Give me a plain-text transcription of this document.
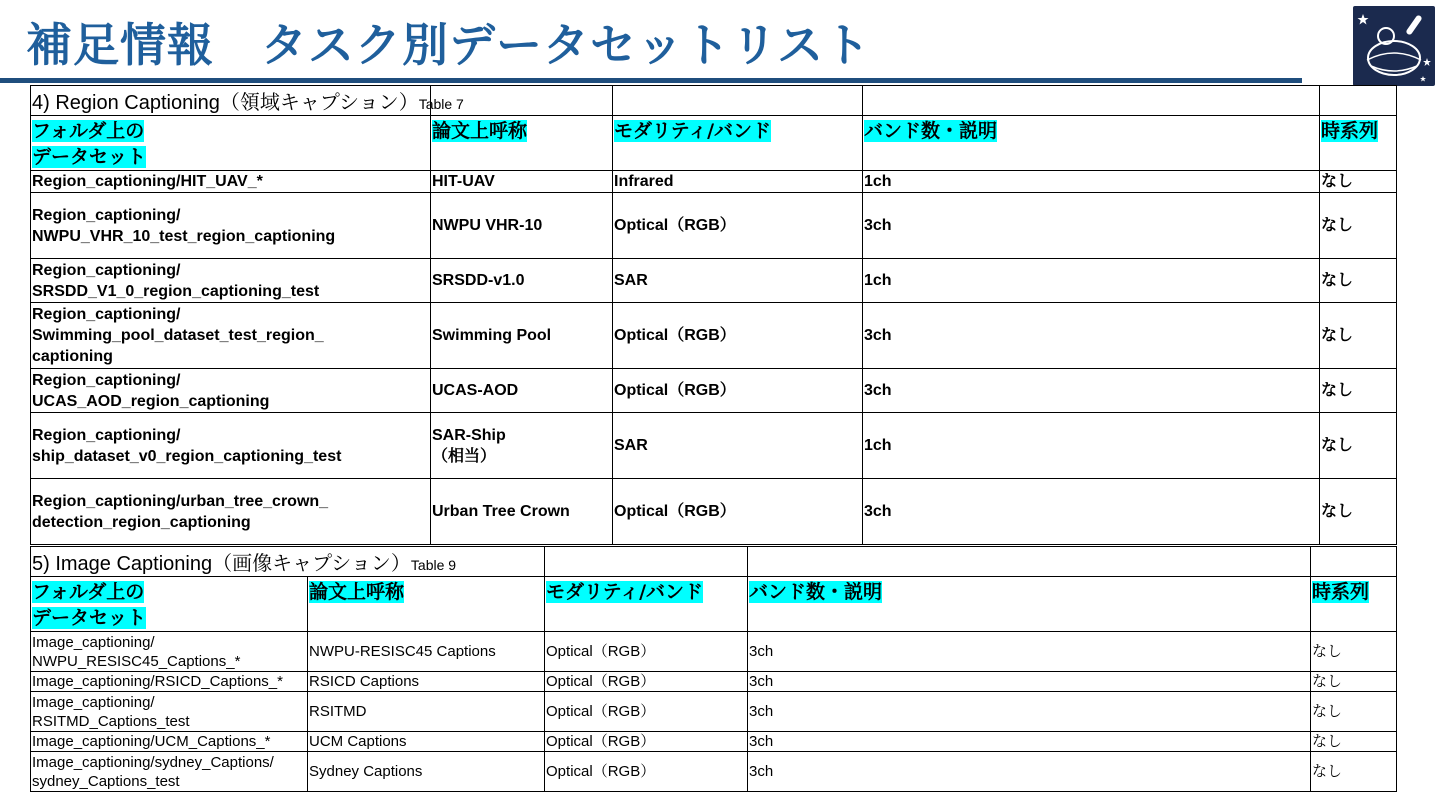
補足情報　タスク別データセットリスト
4) Region Captioning（領域キャプション）Table 7				
フォルダ上の
データセット	論文上呼称	モダリティ/バンド	バンド数・説明	時系列

Region_captioning/HIT_UAV_*	HIT-UAV	Infrared	1ch	なし

Region_captioning/
NWPU_VHR_10_test_region_captioning	NWPU VHR-10	Optical（RGB）	3ch	なし

Region_captioning/
SRSDD_V1_0_region_captioning_test	SRSDD-v1.0	SAR	1ch	なし

Region_captioning/
Swimming_pool_dataset_test_region_
captioning	Swimming Pool	Optical（RGB）	3ch	なし

Region_captioning/
UCAS_AOD_region_captioning	UCAS-AOD	Optical（RGB）	3ch	なし

Region_captioning/
ship_dataset_v0_region_captioning_test	SAR-Ship
（相当）	SAR	1ch	なし

Region_captioning/urban_tree_crown_
detection_region_captioning	Urban Tree Crown	Optical（RGB）	3ch	なし
5) Image Captioning（画像キャプション）Table 9				
フォルダ上の
データセット	論文上呼称	モダリティ/バンド	バンド数・説明	時系列

Image_captioning/
NWPU_RESISC45_Captions_*	NWPU-RESISC45 Captions	Optical（RGB）	3ch	なし

Image_captioning/RSICD_Captions_*	RSICD Captions	Optical（RGB）	3ch	なし

Image_captioning/
RSITMD_Captions_test	RSITMD	Optical（RGB）	3ch	なし

Image_captioning/UCM_Captions_*	UCM Captions	Optical（RGB）	3ch	なし

Image_captioning/sydney_Captions/
sydney_Captions_test	Sydney Captions	Optical（RGB）	3ch	なし
